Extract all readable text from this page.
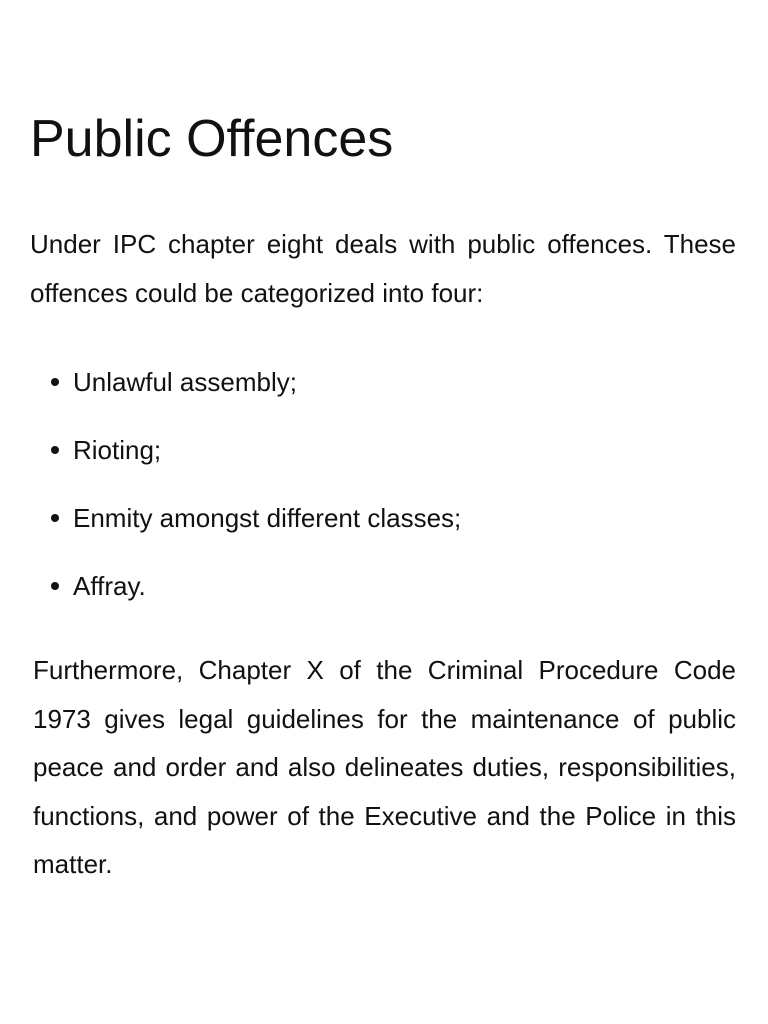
Public Offences

Under IPC chapter eight deals with public offences. These offences could be categorized into four:

Unlawful assembly;
Rioting;
Enmity amongst different classes;
Affray.

Furthermore, Chapter X of the Criminal Procedure Code 1973 gives legal guidelines for the maintenance of public peace and order and also delineates duties, responsibilities, functions, and power of the Executive and the Police in this matter.
